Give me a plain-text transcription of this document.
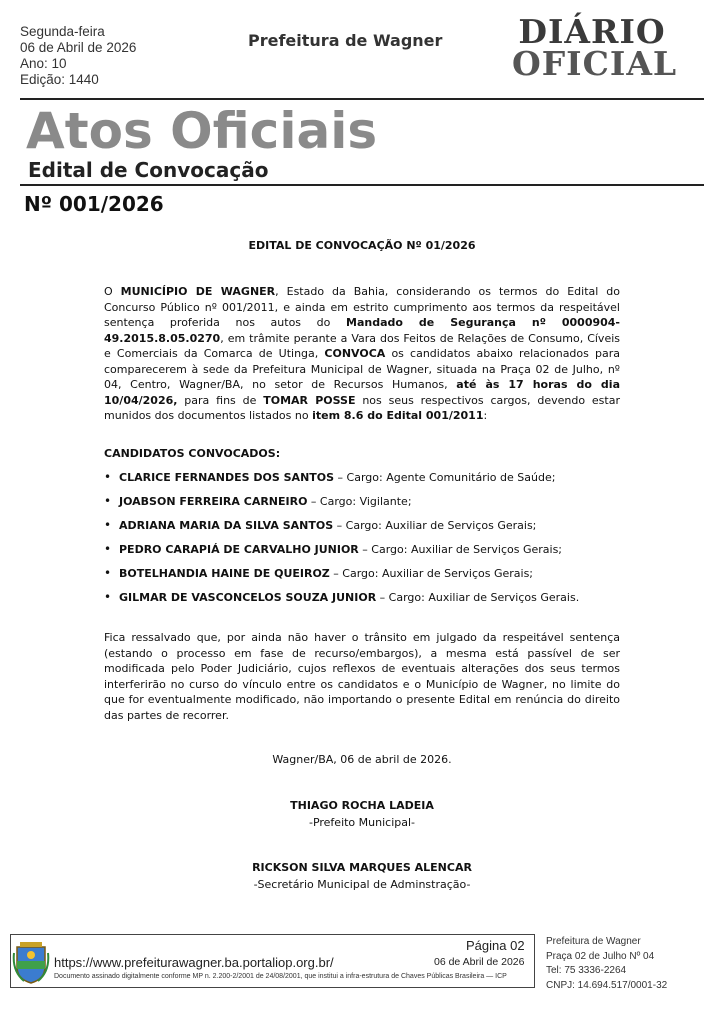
Segunda-feira
06 de Abril de 2026
Ano: 10
Edição: 1440
Prefeitura de Wagner DIÁRIO
OFICIAL
Atos Oficiais
Edital de Convocação
Nº 001/2026
EDITAL DE CONVOCAÇÃO Nº 01/2026
O MUNICÍPIO DE WAGNER, Estado da Bahia, considerando os termos do Edital do Concurso Público nº 001/2011, e ainda em estrito cumprimento aos termos da respeitável sentença proferida nos autos do Mandado de Segurança nº 0000904-49.2015.8.05.0270, em trâmite perante a Vara dos Feitos de Relações de Consumo, Cíveis e Comerciais da Comarca de Utinga, CONVOCA os candidatos abaixo relacionados para comparecerem à sede da Prefeitura Municipal de Wagner, situada na Praça 02 de Julho, nº 04, Centro, Wagner/BA, no setor de Recursos Humanos, até às 17 horas do dia 10/04/2026, para fins de TOMAR POSSE nos seus respectivos cargos, devendo estar munidos dos documentos listados no item 8.6 do Edital 001/2011:
CANDIDATOS CONVOCADOS:
• CLARICE FERNANDES DOS SANTOS – Cargo: Agente Comunitário de Saúde;
• JOABSON FERREIRA CARNEIRO – Cargo: Vigilante;
• ADRIANA MARIA DA SILVA SANTOS – Cargo: Auxiliar de Serviços Gerais;
• PEDRO CARAPIÁ DE CARVALHO JUNIOR – Cargo: Auxiliar de Serviços Gerais;
• BOTELHANDIA HAINE DE QUEIROZ – Cargo: Auxiliar de Serviços Gerais;
• GILMAR DE VASCONCELOS SOUZA JUNIOR – Cargo: Auxiliar de Serviços Gerais.
Fica ressalvado que, por ainda não haver o trânsito em julgado da respeitável sentença (estando o processo em fase de recurso/embargos), a mesma está passível de ser modificada pelo Poder Judiciário, cujos reflexos de eventuais alterações dos seus termos interferirão no curso do vínculo entre os candidatos e o Município de Wagner, no limite do que for eventualmente modificado, não importando o presente Edital em renúncia do direito das partes de recorrer.
Wagner/BA, 06 de abril de 2026.
THIAGO ROCHA LADEIA
-Prefeito Municipal-
RICKSON SILVA MARQUES ALENCAR
-Secretário Municipal de Adminstração-
https://www.prefeiturawagner.ba.portaliop.org.br/
Página 02
06 de Abril de 2026
Documento assinado digitalmente conforme MP n. 2.200-2/2001 de 24/08/2001, que institui a infra-estrutura de Chaves Públicas Brasileira — ICP
Prefeitura de Wagner
Praça 02 de Julho Nº 04
Tel: 75 3336-2264
CNPJ: 14.694.517/0001-32
